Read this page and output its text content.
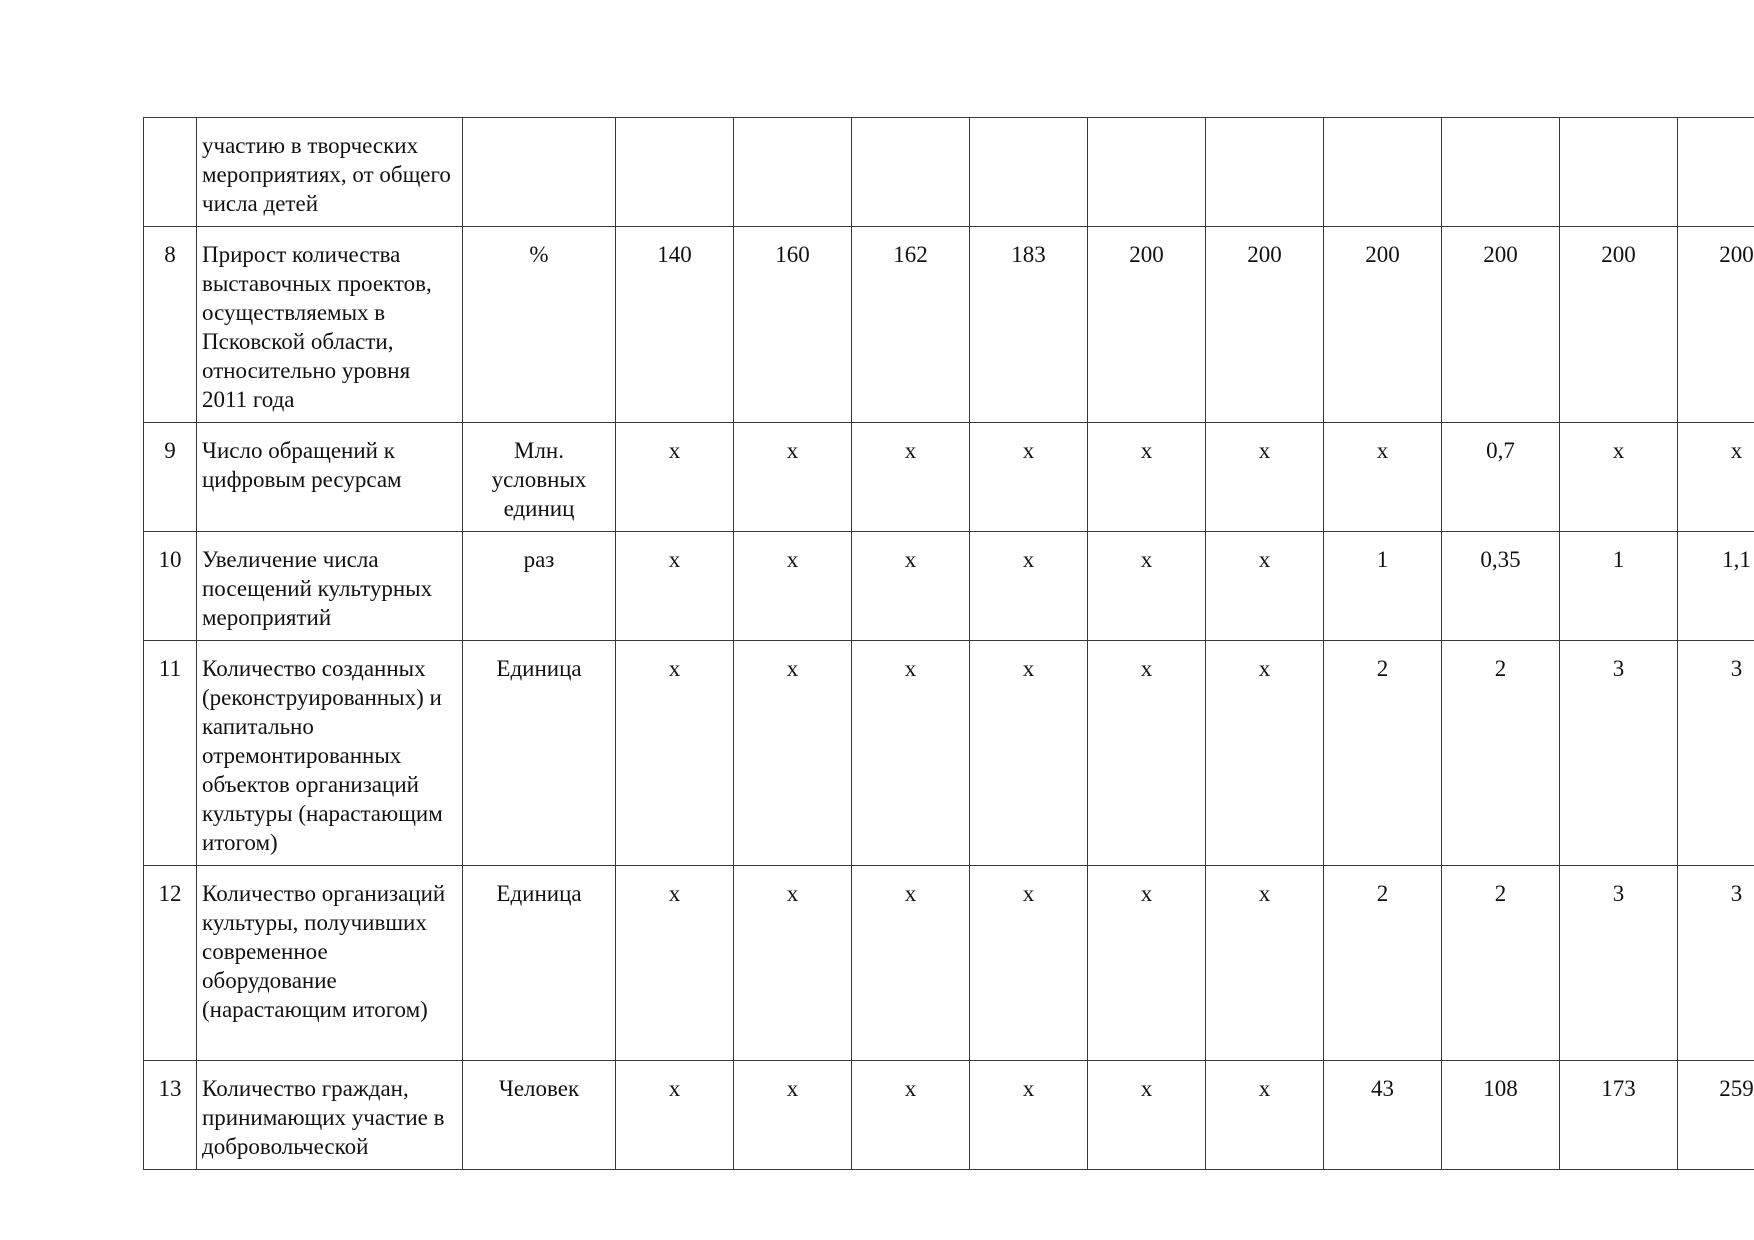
	участию в творческих мероприятиях, от общего числа детей											
8	Прирост количества выставочных проектов, осуществляемых в Псковской области, относительно уровня 2011 года	%	140	160	162	183	200	200	200	200	200	200
9	Число обращений к цифровым ресурсам	Млн. условных единиц	х	х	х	х	х	х	х	0,7	х	х
10	Увеличение числа посещений культурных мероприятий	раз	х	х	х	х	х	х	1	0,35	1	1,1
11	Количество созданных (реконструированных) и капитально отремонтированных объектов организаций культуры (нарастающим итогом)	Единица	х	х	х	х	х	х	2	2	3	3
12	Количество организаций культуры, получивших современное оборудование (нарастающим итогом)	Единица	х	х	х	х	х	х	2	2	3	3
13	Количество граждан, принимающих участие в добровольческой	Человек	х	х	х	х	х	х	43	108	173	259
